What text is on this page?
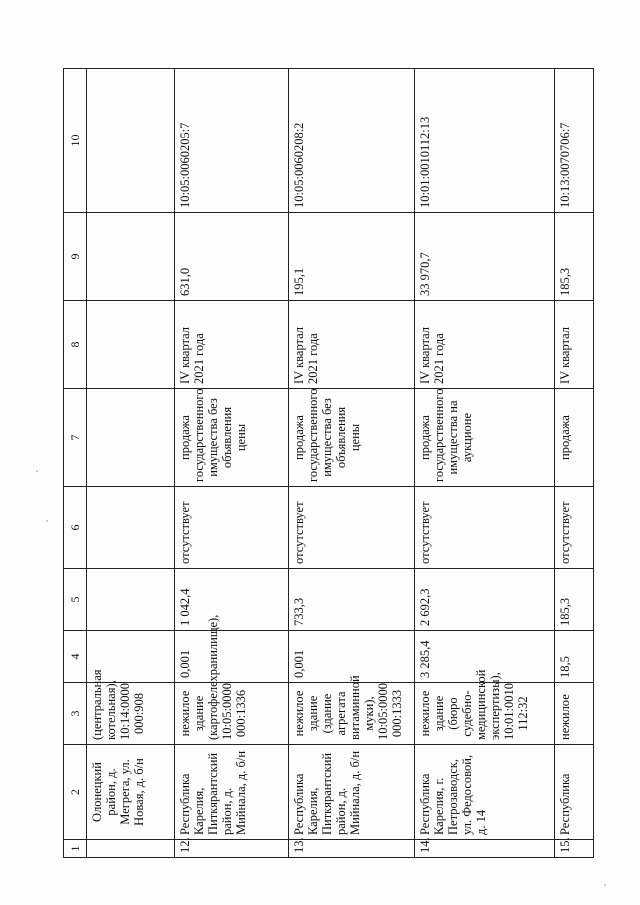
1	2	3	4	5	6	7	8	9	10
	Олонецкий район, д. Мегрега, ул. Новая, д. б/н	(центральная котельная), 10:14:0000 000:908							
12.	Республика Карелия, Питкярантский район, д. Мийнала, д. б/н	нежилое здание (картофелехранилище), 10:05:0000 000:1336	0,001	1 042,4	отсутствует	продажа государственного имущества без объявления цены	IV квартал 2021 года	631,0	10:05:0060205:7
13.	Республика Карелия, Питкярантский район, д. Мийнала, д. б/н	нежилое здание (здание агрегата витаминной муки), 10:05:0000 000:1333	0,001	733,3	отсутствует	продажа государственного имущества без объявления цены	IV квартал 2021 года	195,1	10:05:0060208:2
14.	Республика Карелия, г. Петрозаводск, ул. Федосовой, д. 14	нежилое здание (бюро судебно-медицинской экспертизы), 10:01:0010 112:32	3 285,4	2 692,3	отсутствует	продажа государственного имущества на аукционе	IV квартал 2021 года	33 970,7	10:01:0010112:13
15.	Республика	нежилое	18,5	185,3	отсутствует	продажа	IV квартал	185,3	10:13:0070706:7
